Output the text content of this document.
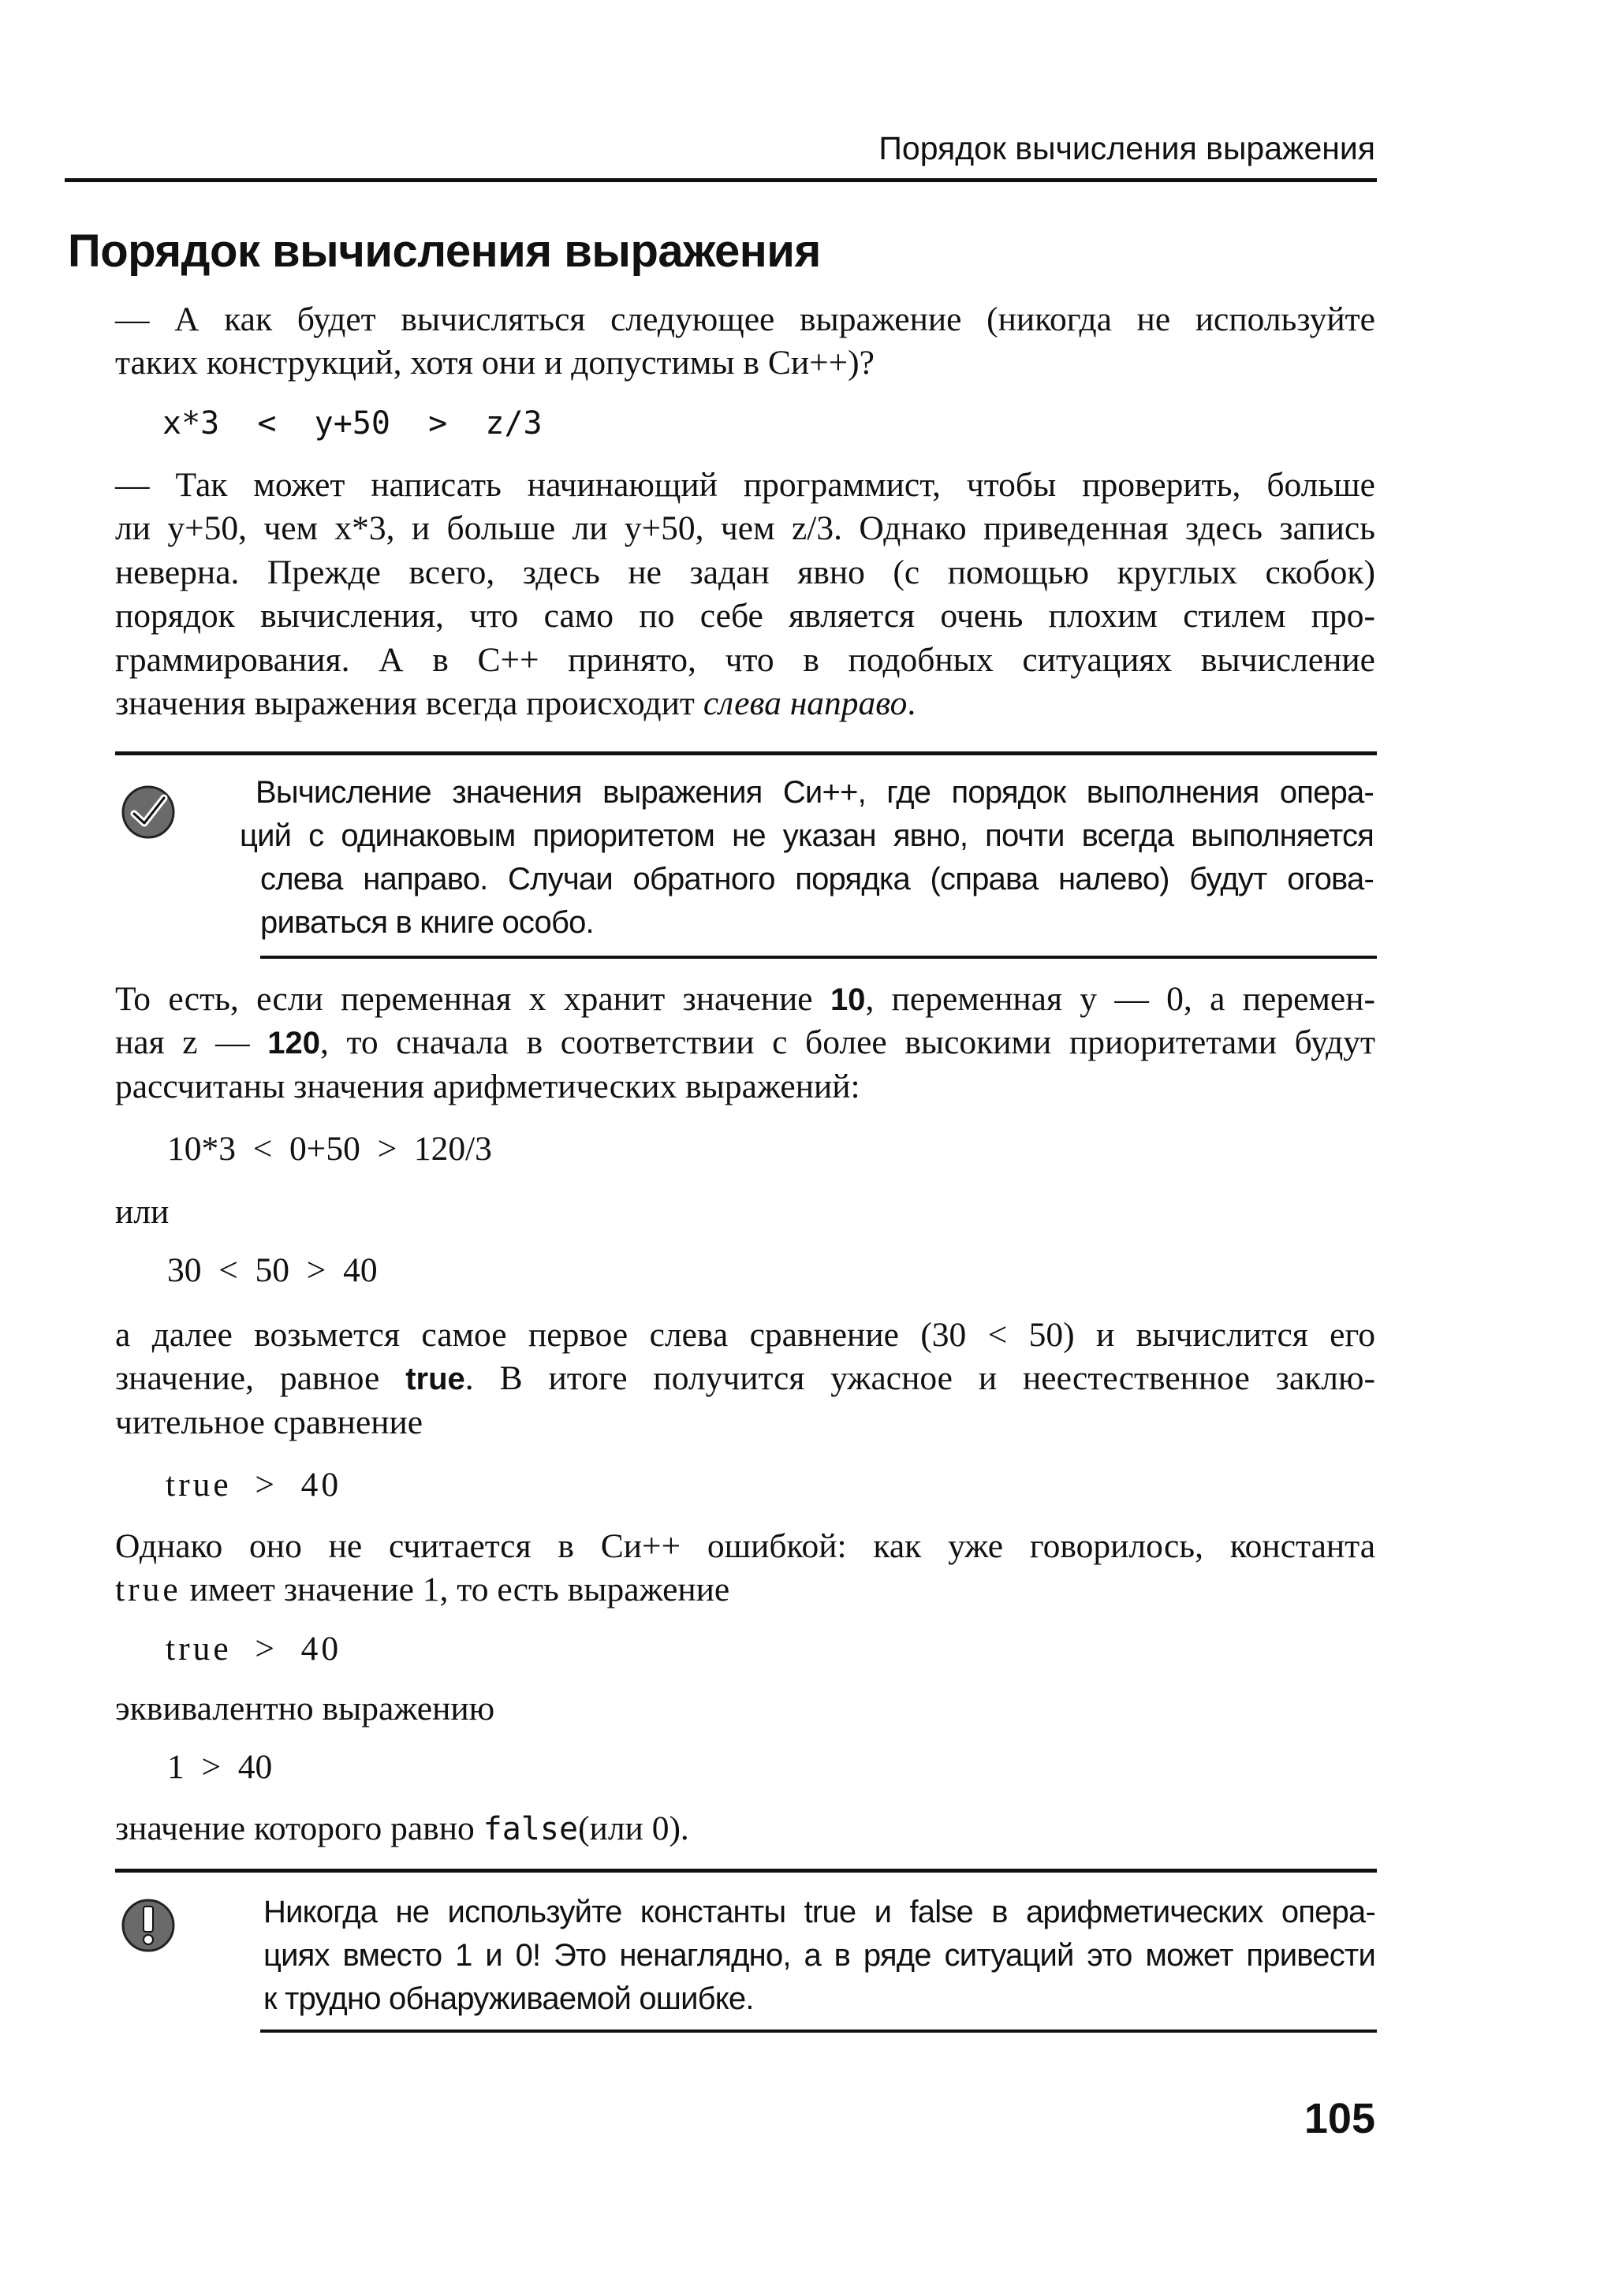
Порядок вычисления выражения
Порядок вычисления выражения
— А как будет вычисляться следующее выражение (никогда не используйте
таких конструкций, хотя они и допустимы в Си++)?
x*3  <  y+50  >  z/3
— Так может написать начинающий программист, чтобы проверить, больше
ли y+50, чем x*3, и больше ли y+50, чем z/3. Однако приведенная здесь запись
неверна. Прежде всего, здесь не задан явно (с помощью круглых скобок)
порядок вычисления, что само по себе является очень плохим стилем про-
граммирования. А в С++ принято, что в подобных ситуациях вычисление
значения выражения всегда происходит слева направо.
Вычисление значения выражения Си++, где порядок выполнения опера-
ций с одинаковым приоритетом не указан явно, почти всегда выполняется
слева направо. Случаи обратного порядка (справа налево) будут огова-
риваться в книге особо.
То есть, если переменная x хранит значение 10, переменная y — 0, а перемен-
ная z — 120, то сначала в соответствии с более высокими приоритетами будут
рассчитаны значения арифметических выражений:
10*3  <  0+50  >  120/3
или
30  <  50  >  40
а далее возьмется самое первое слева сравнение (30 < 50) и вычислится его
значение, равное true. В итоге получится ужасное и неестественное заклю-
чительное сравнение
true  >  40
Однако оно не считается в Си++ ошибкой: как уже говорилось, константа
true имеет значение 1, то есть выражение
true  >  40
эквивалентно выражению
1  >  40
значение которого равно false(или 0).
Никогда не используйте константы true и false в арифметических опера-
циях вместо 1 и 0! Это ненаглядно, а в ряде ситуаций это может привести
к трудно обнаруживаемой ошибке.
105
